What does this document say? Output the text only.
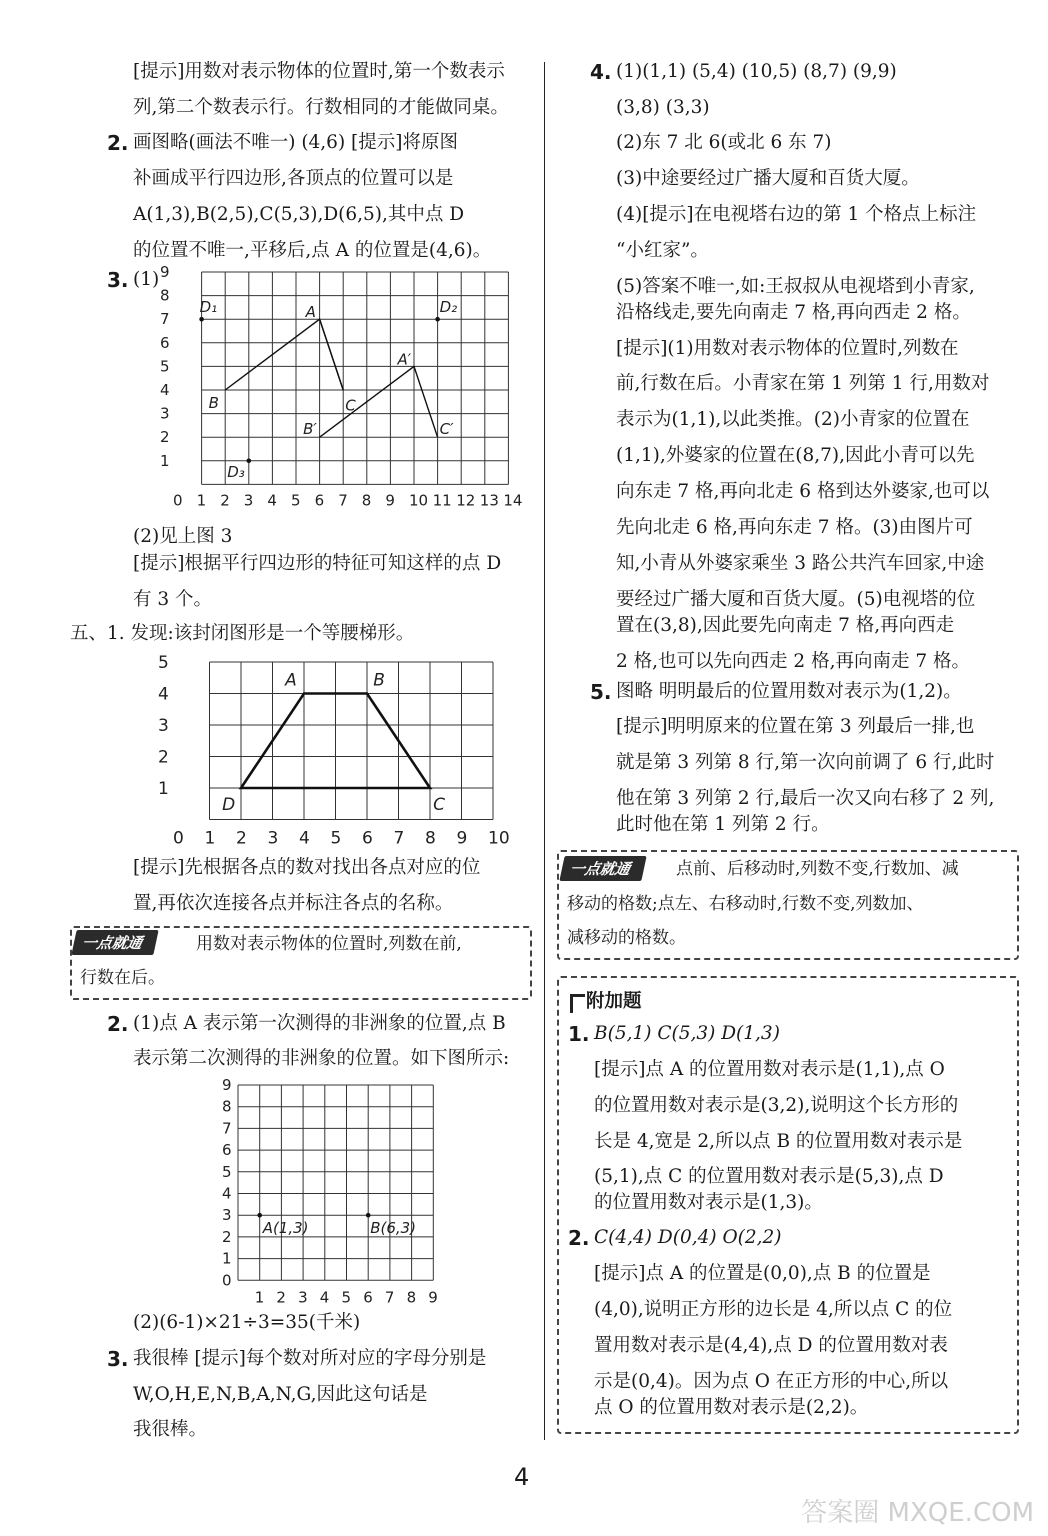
[提示]用数对表示物体的位置时,第一个数表示
列,第二个数表示行。行数相同的才能做同桌。
2. 画图略(画法不唯一) (4,6) [提示]将原图
补画成平行四边形,各顶点的位置可以是
A(1,3),B(2,5),C(5,3),D(6,5),其中点 D
的位置不唯一,平移后,点 A 的位置是(4,6)。
3. (1)
0 1 2 3 4 5 6 7 8 9 10 11 12 13 14
1
2
3
4
5
6
7
8
9
A
B	C
A′
B′	C′
D₁	D₂
D₃
(2)见上图 3
[提示]根据平行四边形的特征可知这样的点 D
有 3 个。
五、1. 发现:该封闭图形是一个等腰梯形。
0 1 2 3 4 5 6 7 8 9 10
1
2
3
4
5
A	B
C
D
[提示]先根据各点的数对找出各点对应的位
置,再依次连接各点并标注各点的名称。
一点就通	用数对表示物体的位置时,列数在前,
行数在后。
2. (1)点 A 表示第一次测得的非洲象的位置,点 B
表示第二次测得的非洲象的位置。如下图所示:
1 2 3 4 5 6 7 8 9
0
1
2
3
4
5
6
7
8
9
A(1,3)	B(6,3)
(2)(6-1)×21÷3=35(千米)
3. 我很棒 [提示]每个数对所对应的字母分别是
W,O,H,E,N,B,A,N,G,因此这句话是
我很棒。
4. (1)(1,1) (5,4) (10,5) (8,7) (9,9)
(3,8) (3,3)
(2)东 7 北 6(或北 6 东 7)
(3)中途要经过广播大厦和百货大厦。
(4)[提示]在电视塔右边的第 1 个格点上标注
“小红家”。
(5)答案不唯一,如:王叔叔从电视塔到小青家,
沿格线走,要先向南走 7 格,再向西走 2 格。
[提示](1)用数对表示物体的位置时,列数在
前,行数在后。小青家在第 1 列第 1 行,用数对
表示为(1,1),以此类推。(2)小青家的位置在
(1,1),外婆家的位置在(8,7),因此小青可以先
向东走 7 格,再向北走 6 格到达外婆家,也可以
先向北走 6 格,再向东走 7 格。(3)由图片可
知,小青从外婆家乘坐 3 路公共汽车回家,中途
要经过广播大厦和百货大厦。(5)电视塔的位
置在(3,8),因此要先向南走 7 格,再向西走
2 格,也可以先向西走 2 格,再向南走 7 格。
5. 图略 明明最后的位置用数对表示为(1,2)。
[提示]明明原来的位置在第 3 列最后一排,也
就是第 3 列第 8 行,第一次向前调了 6 行,此时
他在第 3 列第 2 行,最后一次又向右移了 2 列,
此时他在第 1 列第 2 行。
一点就通	点前、后移动时,列数不变,行数加、减
移动的格数;点左、右移动时,行数不变,列数加、
减移动的格数。
附加题
1. B(5,1) C(5,3) D(1,3)
[提示]点 A 的位置用数对表示是(1,1),点 O
的位置用数对表示是(3,2),说明这个长方形的
长是 4,宽是 2,所以点 B 的位置用数对表示是
(5,1),点 C 的位置用数对表示是(5,3),点 D
的位置用数对表示是(1,3)。
2. C(4,4) D(0,4) O(2,2)
[提示]点 A 的位置是(0,0),点 B 的位置是
(4,0),说明正方形的边长是 4,所以点 C 的位
置用数对表示是(4,4),点 D 的位置用数对表
示是(0,4)。因为点 O 在正方形的中心,所以
点 O 的位置用数对表示是(2,2)。
4
答案圈 MXQE.COM
